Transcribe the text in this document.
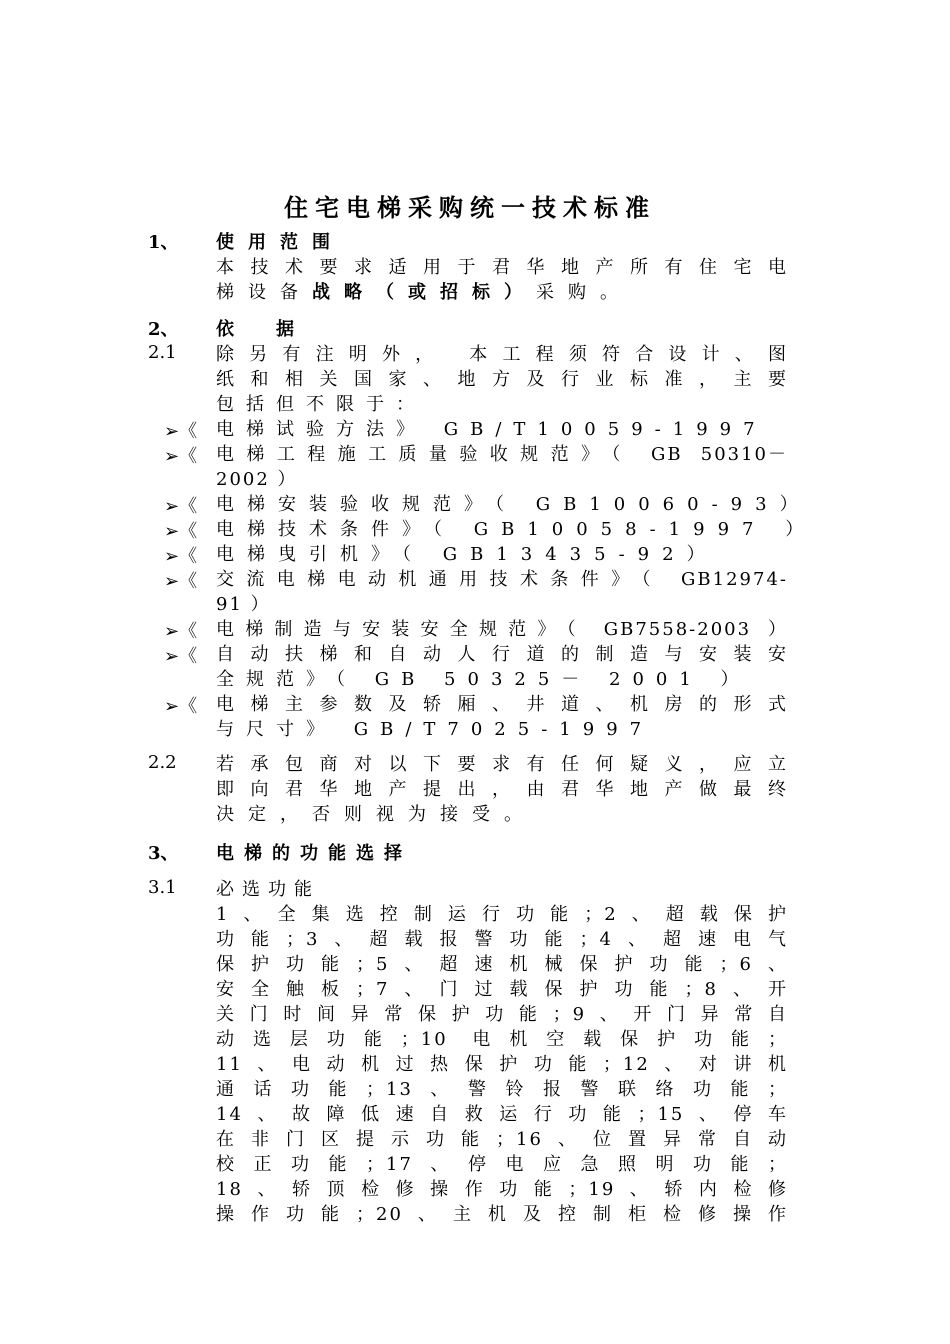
住宅电梯采购统一技术标准
1、 使用范围
本技术要求适用于君华地产所有住宅电
梯设备战略（或招标）采购。
2、 依据
2.1 除另有注明外， 本工程须符合设计、图
纸和相关国家、地方及行业标准，主要
包括但不限于：
➢《 电梯试验方法》 GB/T10059-1997
➢《 电梯工程施工质量验收规范》（ GB 50310－
2002 ）
➢《 电梯安装验收规范》（ GB10060-93）
➢《 电梯技术条件》（ GB10058-1997 ）
➢《 电梯曳引机》（ GB13435-92）
➢《 交流电梯电动机通用技术条件》（ GB12974-
91 ）
➢《 电梯制造与安装安全规范》（ GB7558-2003 ）
➢《 自动扶梯和自动人行道的制造与安装安
全规范》（ GB 50325－ 2001 ）
➢《 电梯主参数及轿厢、井道、机房的形式
与尺寸》 GB/T7025-1997
2.2 若承包商对以下要求有任何疑义，应立
即向君华地产提出，由君华地产做最终
决定，否则视为接受。
3、 电梯的功能选择
3.1 必选功能
1、全集选控制运行功能；2、超载保护
功能；3、超载报警功能；4、超速电气
保护功能；5、超速机械保护功能；6、
安全触板；7、门过载保护功能；8、开
关门时间异常保护功能；9、开门异常自
动选层功能；10 电机空载保护功能；
11、电动机过热保护功能；12、对讲机
通话功能；13、警铃报警联络功能；
14、故障低速自救运行功能；15、停车
在非门区提示功能；16、位置异常自动
校正功能；17、停电应急照明功能；
18、轿顶检修操作功能；19、轿内检修
操作功能；20、主机及控制柜检修操作
